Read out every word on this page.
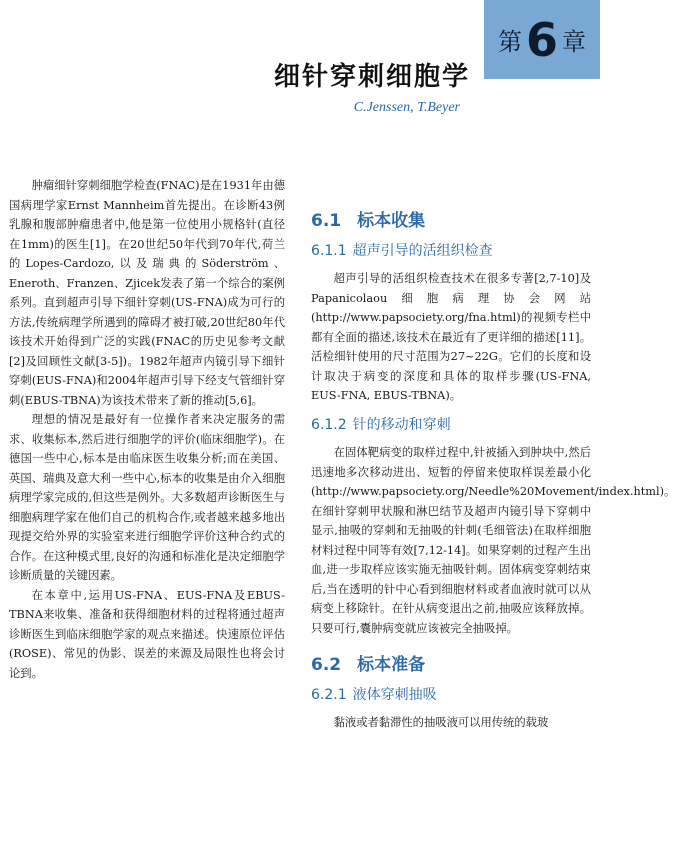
第 6 章
细针穿刺细胞学
C.Jenssen, T.Beyer

肿瘤细针穿刺细胞学检查(FNAC)是在1931年由德国病理学家Ernst Mannheim首先提出。在诊断43例乳腺和腹部肿瘤患者中,他是第一位使用小规格针(直径在1mm)的医生[1]。在20世纪50年代到70年代,荷兰的Lopes-Cardozo,以及瑞典的Söderström、Eneroth、Franzen、Zjicek发表了第一个综合的案例系列。直到超声引导下细针穿刺(US-FNA)成为可行的方法,传统病理学所遇到的障碍才被打破,20世纪80年代该技术开始得到广泛的实践(FNAC的历史见参考文献[2]及回顾性文献[3-5])。1982年超声内镜引导下细针穿刺(EUS-FNA)和2004年超声引导下经支气管细针穿刺(EBUS-TBNA)为该技术带来了新的推动[5,6]。

理想的情况是最好有一位操作者来决定服务的需求、收集标本,然后进行细胞学的评价(临床细胞学)。在德国一些中心,标本是由临床医生收集分析;而在美国、英国、瑞典及意大利一些中心,标本的收集是由介入细胞病理学家完成的,但这些是例外。大多数超声诊断医生与细胞病理学家在他们自己的机构合作,或者越来越多地出现提交给外界的实验室来进行细胞学评价这种合约式的合作。在这种模式里,良好的沟通和标准化是决定细胞学诊断质量的关键因素。

在本章中,运用US-FNA、EUS-FNA及EBUS-TBNA来收集、准备和获得细胞材料的过程将通过超声诊断医生到临床细胞学家的观点来描述。快速原位评估(ROSE)、常见的伪影、误差的来源及局限性也将会讨论到。

6.1 标本收集
6.1.1 超声引导的活组织检查

超声引导的活组织检查技术在很多专著[2,7-10]及Papanicolaou细胞病理协会网站(http://www.papsociety.org/fna.html)的视频专栏中都有全面的描述,该技术在最近有了更详细的描述[11]。活检细针使用的尺寸范围为27~22G。它们的长度和设计取决于病变的深度和具体的取样步骤(US-FNA, EUS-FNA, EBUS-TBNA)。

6.1.2 针的移动和穿刺

在固体靶病变的取样过程中,针被插入到肿块中,然后迅速地多次移动进出、短暂的停留来使取样误差最小化(http://www.papsociety.org/Needle%20Movement/index.html)。在细针穿刺甲状腺和淋巴结节及超声内镜引导下穿刺中显示,抽吸的穿刺和无抽吸的针刺(毛细管法)在取样细胞材料过程中同等有效[7,12-14]。如果穿刺的过程产生出血,进一步取样应该实施无抽吸针刺。固体病变穿刺结束后,当在透明的针中心看到细胞材料或者血液时就可以从病变上移除针。在针从病变退出之前,抽吸应该释放掉。只要可行,囊肿病变就应该被完全抽吸掉。

6.2 标本准备
6.2.1 液体穿刺抽吸

黏液或者黏滞性的抽吸液可以用传统的载玻
